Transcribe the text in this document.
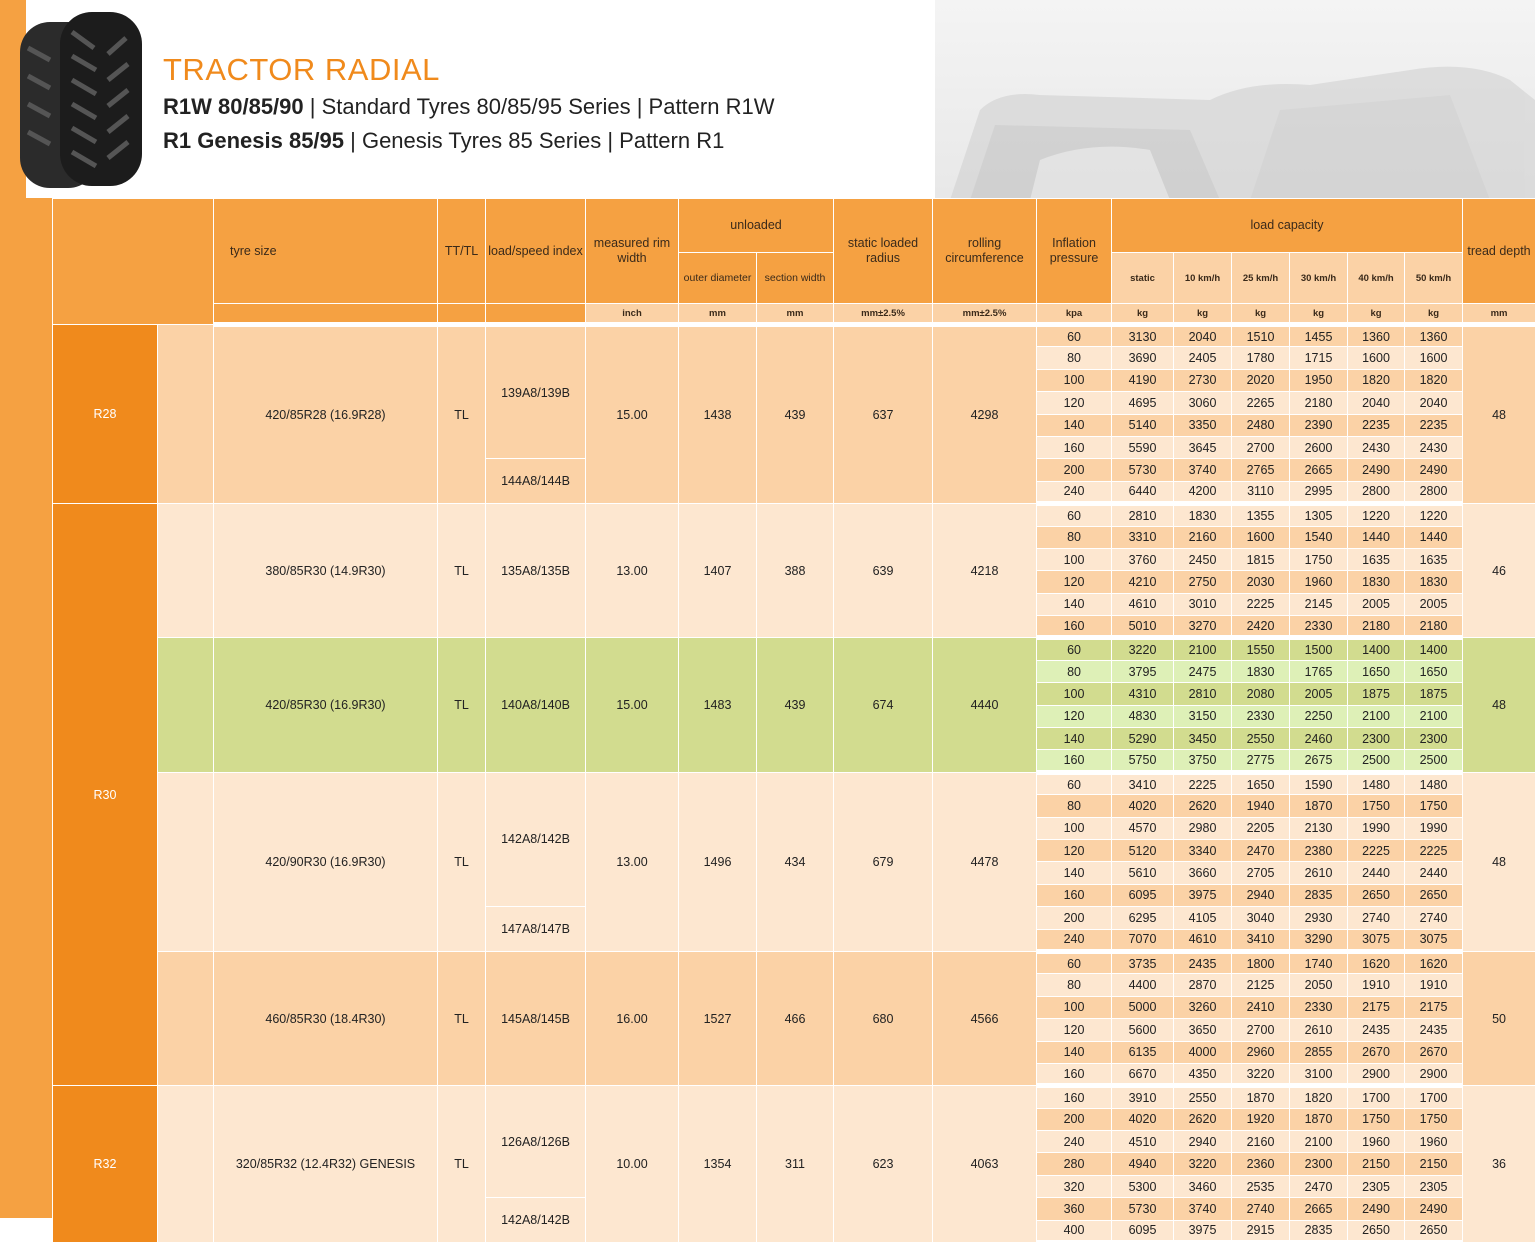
TRACTOR RADIAL
R1W 80/85/90 | Standard Tyres 80/85/95 Series | Pattern R1W
R1 Genesis 85/95 | Genesis Tyres 85 Series | Pattern R1
		tyre size	TT/TL	load/speed index	measured rim width	unloaded		static loaded radius	rolling circumference	Inflation pressure	load capacity						tread depth
						outer diameter	section width				static	10 km/h	25 km/h	30 km/h	40 km/h	50 km/h	
					inch	mm	mm	mm±2.5%	mm±2.5%	kpa	kg	kg	kg	kg	kg	kg	mm
R28		420/85R28 (16.9R28)	TL	139A8/139B	15.00	1438	439	637	4298	60	3130	2040	1510	1455	1360	1360	48
										80	3690	2405	1780	1715	1600	1600	
										100	4190	2730	2020	1950	1820	1820	
										120	4695	3060	2265	2180	2040	2040	
										140	5140	3350	2480	2390	2235	2235	
										160	5590	3645	2700	2600	2430	2430	
				144A8/144B						200	5730	3740	2765	2665	2490	2490	
										240	6440	4200	3110	2995	2800	2800	
R30		380/85R30 (14.9R30)	TL	135A8/135B	13.00	1407	388	639	4218	60	2810	1830	1355	1305	1220	1220	46
										80	3310	2160	1600	1540	1440	1440	
										100	3760	2450	1815	1750	1635	1635	
										120	4210	2750	2030	1960	1830	1830	
										140	4610	3010	2225	2145	2005	2005	
										160	5010	3270	2420	2330	2180	2180	
		420/85R30 (16.9R30)	TL	140A8/140B	15.00	1483	439	674	4440	60	3220	2100	1550	1500	1400	1400	48
										80	3795	2475	1830	1765	1650	1650	
										100	4310	2810	2080	2005	1875	1875	
										120	4830	3150	2330	2250	2100	2100	
										140	5290	3450	2550	2460	2300	2300	
										160	5750	3750	2775	2675	2500	2500	
		420/90R30 (16.9R30)	TL	142A8/142B	13.00	1496	434	679	4478	60	3410	2225	1650	1590	1480	1480	48
										80	4020	2620	1940	1870	1750	1750	
										100	4570	2980	2205	2130	1990	1990	
										120	5120	3340	2470	2380	2225	2225	
										140	5610	3660	2705	2610	2440	2440	
										160	6095	3975	2940	2835	2650	2650	
				147A8/147B						200	6295	4105	3040	2930	2740	2740	
										240	7070	4610	3410	3290	3075	3075	
		460/85R30 (18.4R30)	TL	145A8/145B	16.00	1527	466	680	4566	60	3735	2435	1800	1740	1620	1620	50
										80	4400	2870	2125	2050	1910	1910	
										100	5000	3260	2410	2330	2175	2175	
										120	5600	3650	2700	2610	2435	2435	
										140	6135	4000	2960	2855	2670	2670	
										160	6670	4350	3220	3100	2900	2900	
R32		320/85R32 (12.4R32) GENESIS	TL	126A8/126B	10.00	1354	311	623	4063	160	3910	2550	1870	1820	1700	1700	36
										200	4020	2620	1920	1870	1750	1750	
										240	4510	2940	2160	2100	1960	1960	
										280	4940	3220	2360	2300	2150	2150	
										320	5300	3460	2535	2470	2305	2305	
				142A8/142B						360	5730	3740	2740	2665	2490	2490	
										400	6095	3975	2915	2835	2650	2650	
